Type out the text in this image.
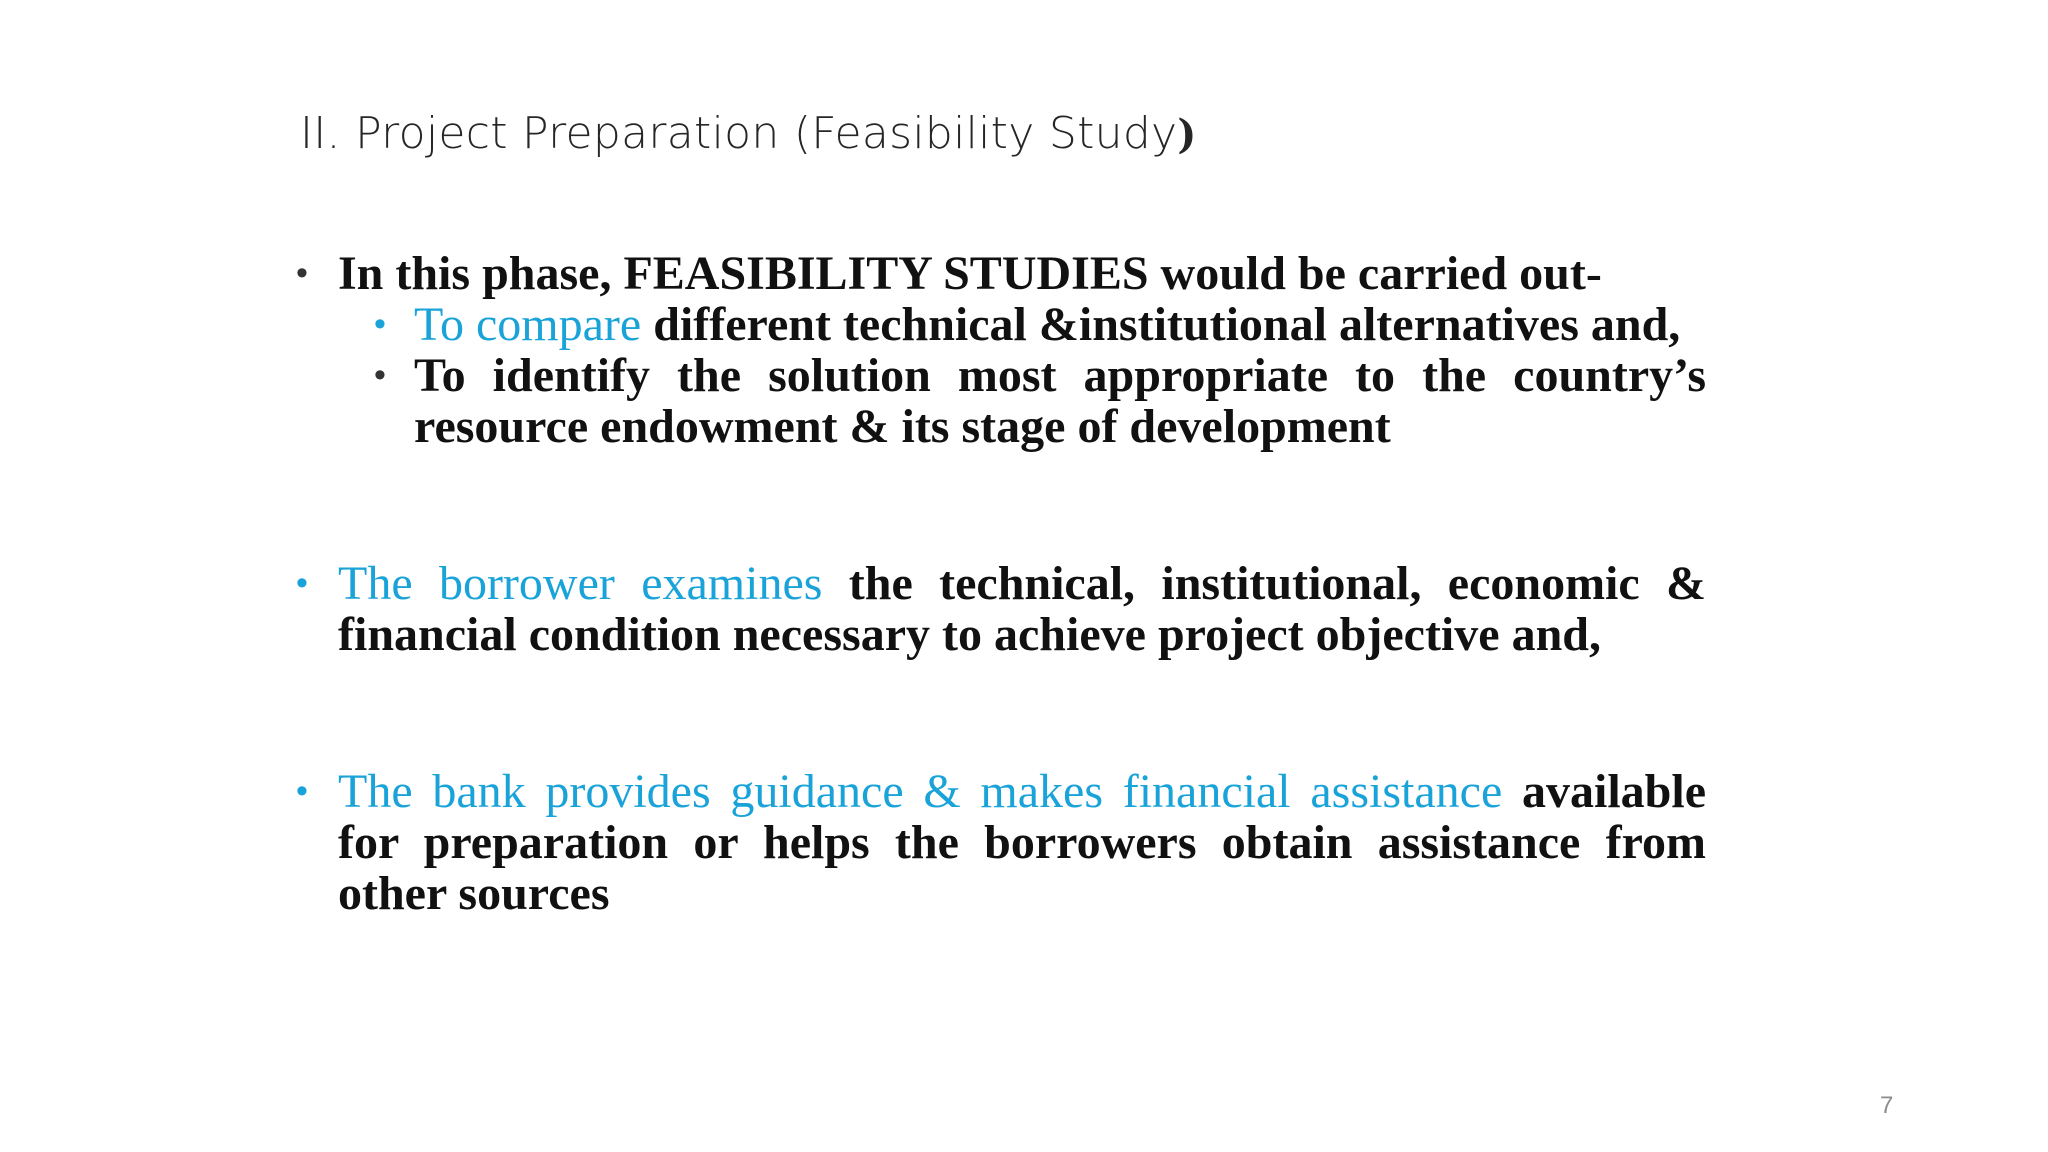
II. Project Preparation (Feasibility Study)
• In this phase, FEASIBILITY STUDIES would be carried out-
• To compare different technical &institutional alternatives and,
• To identify the solution most appropriate to the country’s resource endowment & its stage of development
• The borrower examines the technical, institutional, economic & financial condition necessary to achieve project objective and,
• The bank provides guidance & makes financial assistance available for preparation or helps the borrowers obtain assistance from other sources
7
